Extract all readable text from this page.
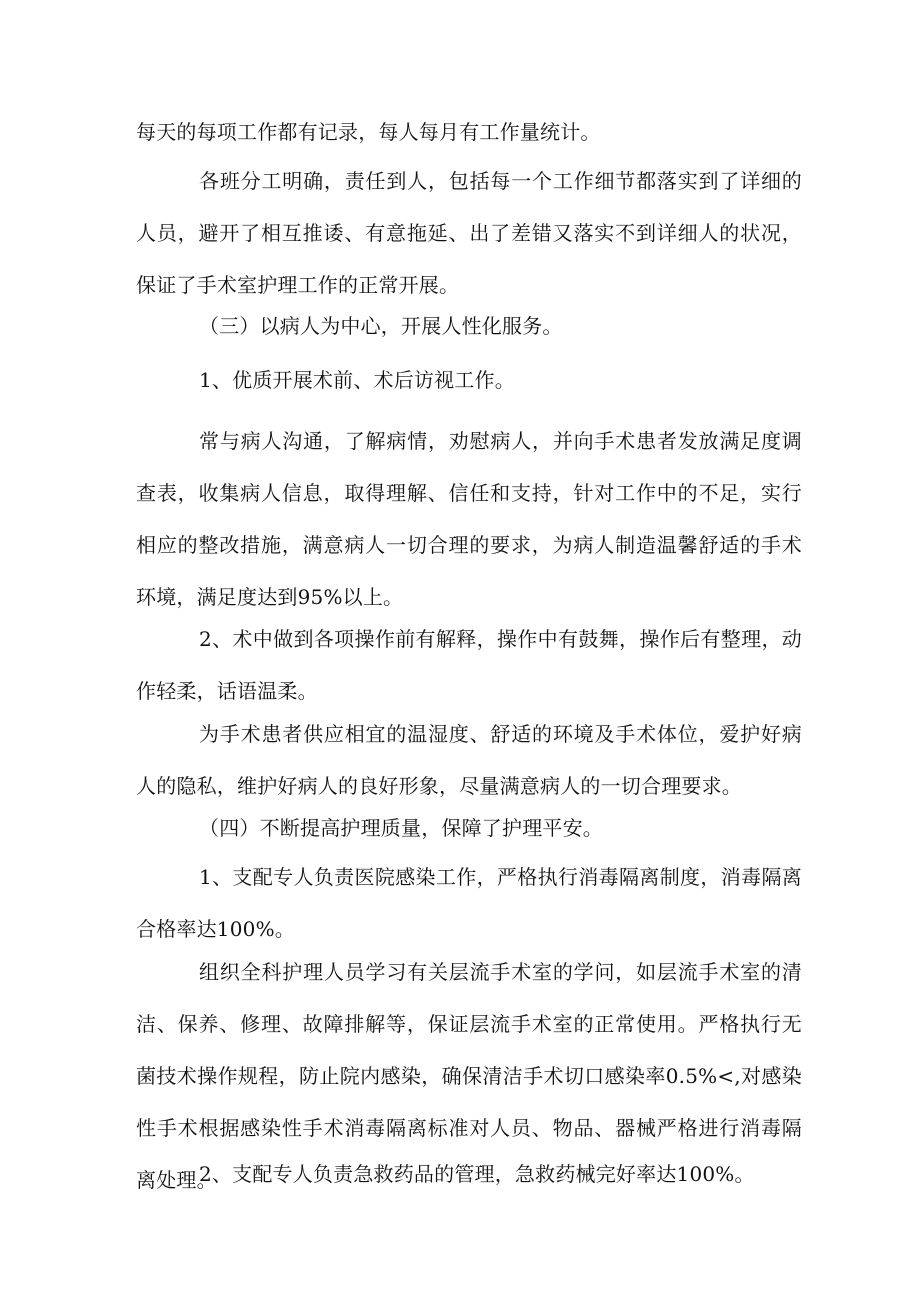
每天的每项工作都有记录，每人每月有工作量统计。

各班分工明确，责任到人，包括每一个工作细节都落实到了详细的人员，避开了相互推诿、有意拖延、出了差错又落实不到详细人的状况，保证了手术室护理工作的正常开展。

（三）以病人为中心，开展人性化服务。

1、优质开展术前、术后访视工作。

常与病人沟通，了解病情，劝慰病人，并向手术患者发放满足度调查表，收集病人信息，取得理解、信任和支持，针对工作中的不足，实行相应的整改措施，满意病人一切合理的要求，为病人制造温馨舒适的手术环境，满足度达到95%以上。

2、术中做到各项操作前有解释，操作中有鼓舞，操作后有整理，动作轻柔，话语温柔。

为手术患者供应相宜的温湿度、舒适的环境及手术体位，爱护好病人的隐私，维护好病人的良好形象，尽量满意病人的一切合理要求。

（四）不断提高护理质量，保障了护理平安。

1、支配专人负责医院感染工作，严格执行消毒隔离制度，消毒隔离合格率达100%。

组织全科护理人员学习有关层流手术室的学问，如层流手术室的清洁、保养、修理、故障排解等，保证层流手术室的正常使用。严格执行无菌技术操作规程，防止院内感染，确保清洁手术切口感染率0.5%<,对感染性手术根据感染性手术消毒隔离标准对人员、物品、器械严格进行消毒隔离处理。

2、支配专人负责急救药品的管理，急救药械完好率达100%。
